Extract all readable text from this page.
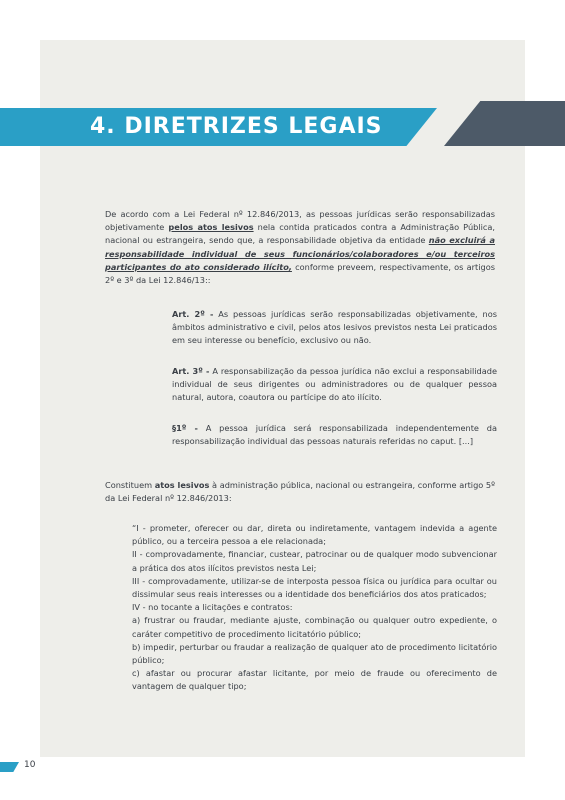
4. DIRETRIZES LEGAIS

De acordo com a Lei Federal nº 12.846/2013, as pessoas jurídicas serão responsabilizadas objetivamente pelos atos lesivos nela contida praticados contra a Administração Pública, nacional ou estrangeira, sendo que, a responsabilidade objetiva da entidade não excluirá a responsabilidade individual de seus funcionários/colaboradores e/ou terceiros participantes do ato considerado ilícito, conforme preveem, respectivamente, os artigos 2º e 3º da Lei 12.846/13::

Art. 2º - As pessoas jurídicas serão responsabilizadas objetivamente, nos âmbitos administrativo e civil, pelos atos lesivos previstos nesta Lei praticados em seu interesse ou benefício, exclusivo ou não.

Art. 3º - A responsabilização da pessoa jurídica não exclui a responsabilidade individual de seus dirigentes ou administradores ou de qualquer pessoa natural, autora, coautora ou partícipe do ato ilícito.

§1º - A pessoa jurídica será responsabilizada independentemente da responsabilização individual das pessoas naturais referidas no caput. [...]

Constituem atos lesivos à administração pública, nacional ou estrangeira, conforme artigo 5º da Lei Federal nº 12.846/2013:

“I - prometer, oferecer ou dar, direta ou indiretamente, vantagem indevida a agente público, ou a terceira pessoa a ele relacionada;
II - comprovadamente, financiar, custear, patrocinar ou de qualquer modo subvencionar a prática dos atos ilícitos previstos nesta Lei;
III - comprovadamente, utilizar-se de interposta pessoa física ou jurídica para ocultar ou dissimular seus reais interesses ou a identidade dos beneficiários dos atos praticados;
IV - no tocante a licitações e contratos:
a) frustrar ou fraudar, mediante ajuste, combinação ou qualquer outro expediente, o caráter competitivo de procedimento licitatório público;
b) impedir, perturbar ou fraudar a realização de qualquer ato de procedimento licitatório público;
c) afastar ou procurar afastar licitante, por meio de fraude ou oferecimento de vantagem de qualquer tipo;
10
